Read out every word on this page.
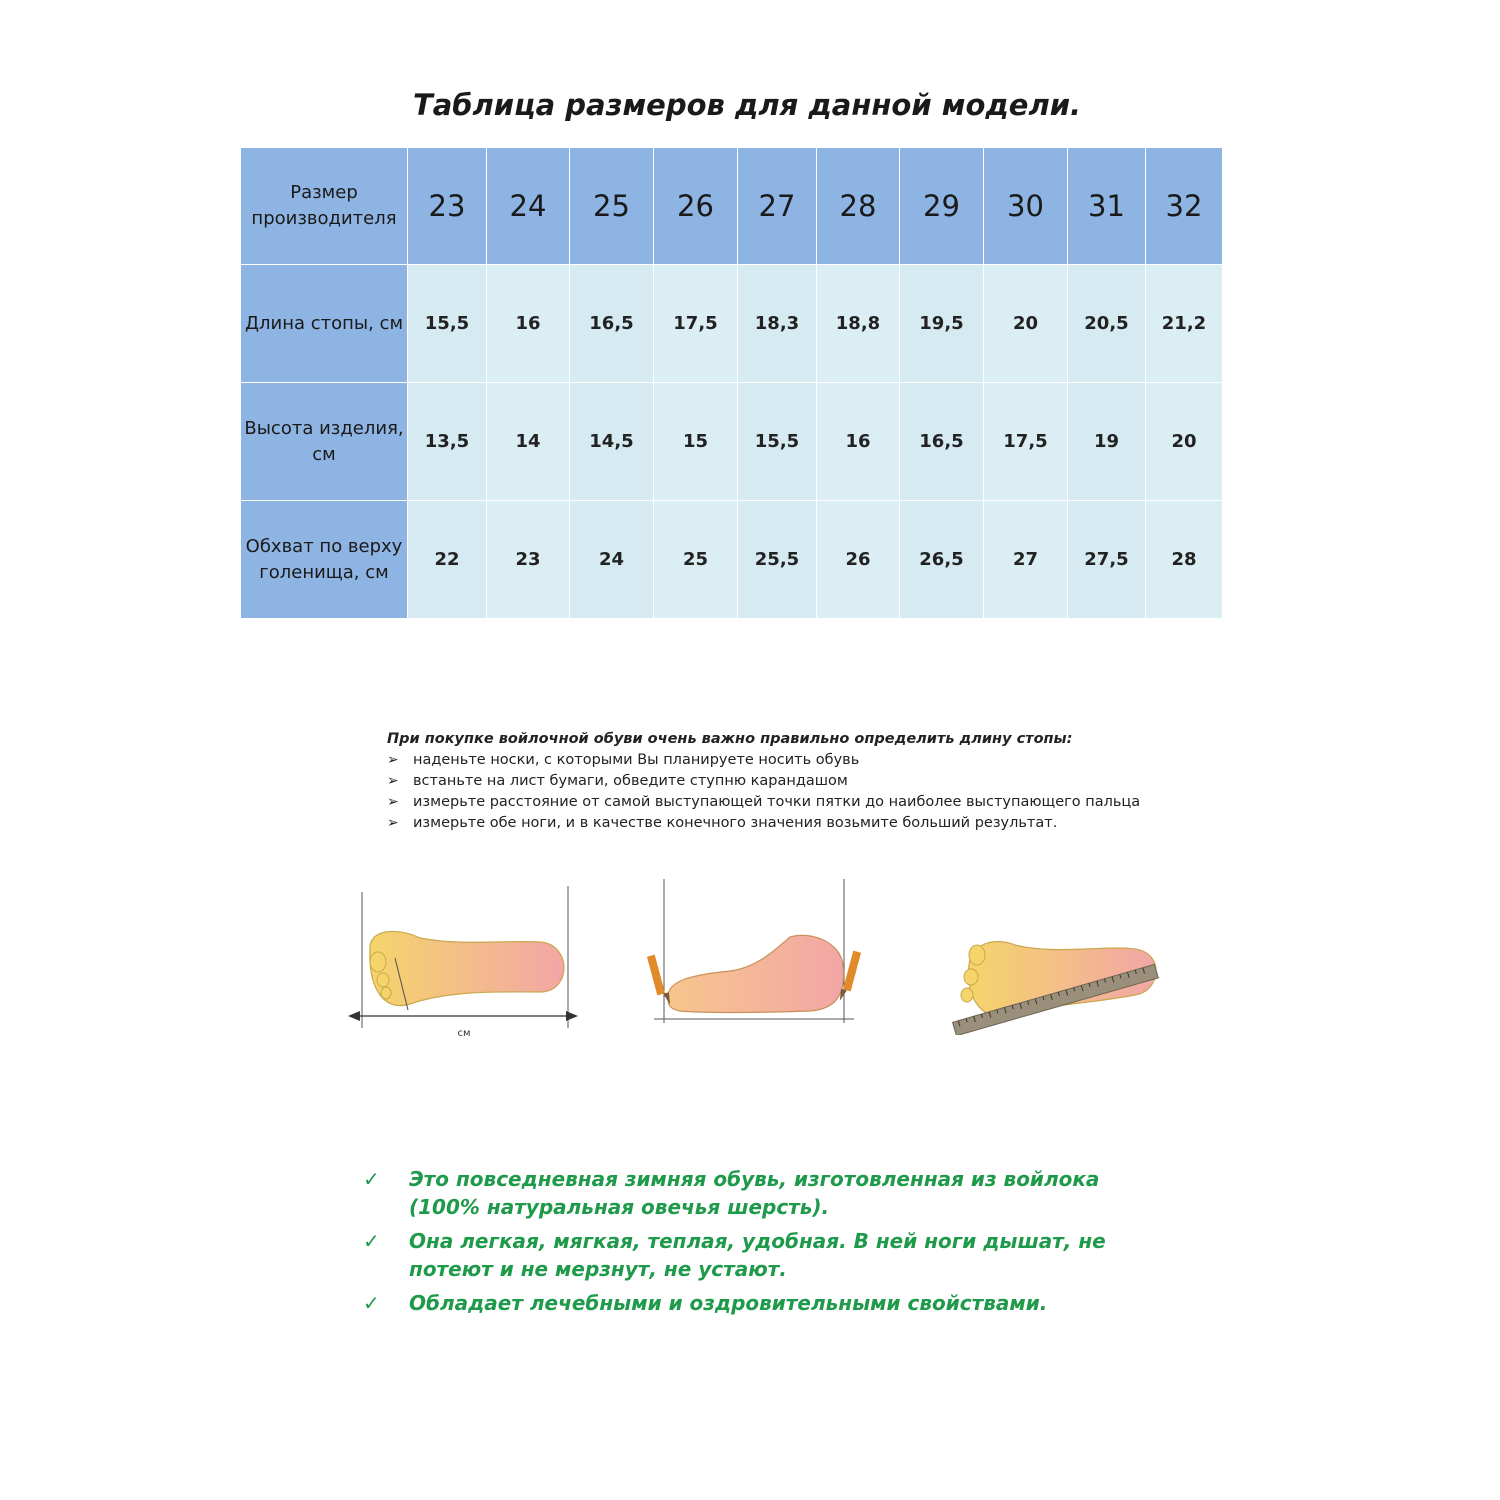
Таблица размеров для данной модели.
Размер производителя	23	24	25	26	27	28	29	30	31	32
Длина стопы, см	15,5	16	16,5	17,5	18,3	18,8	19,5	20	20,5	21,2
Высота изделия, см	13,5	14	14,5	15	15,5	16	16,5	17,5	19	20
Обхват по верху голенища, см	22	23	24	25	25,5	26	26,5	27	27,5	28
При покупке войлочной обуви очень важно правильно определить длину стопы:
➢ наденьте носки, с которыми Вы планируете носить обувь
➢ встаньте на лист бумаги, обведите ступню карандашом
➢ измерьте расстояние от самой выступающей точки пятки до наиболее выступающего пальца
➢ измерьте обе ноги, и в качестве конечного значения возьмите больший результат.
см
✓ Это повседневная зимняя обувь, изготовленная из войлока (100% натуральная овечья шерсть).
✓ Она легкая, мягкая, теплая, удобная. В ней ноги дышат, не потеют и не мерзнут, не устают.
✓ Обладает лечебными и оздровительными свойствами.
